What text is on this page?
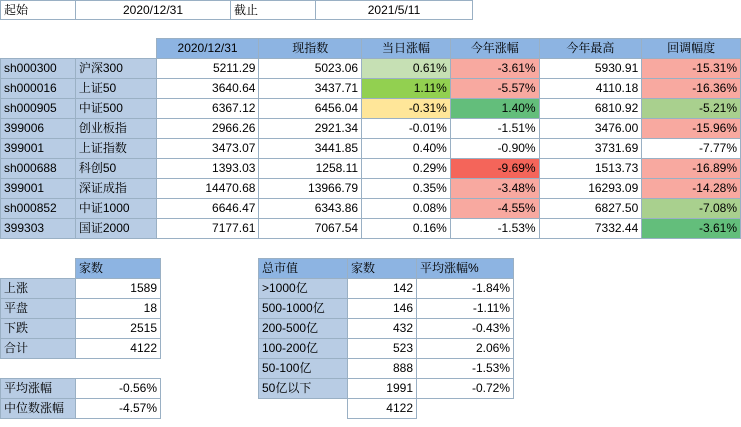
起始	2020/12/31	截止	2021/5/11
		2020/12/31	现指数	当日涨幅	今年涨幅	今年最高	回调幅度
sh000300	沪深300	5211.29	5023.06	0.61%	-3.61%	5930.91	-15.31%
sh000016	上证50	3640.64	3437.71	1.11%	-5.57%	4110.18	-16.36%
sh000905	中证500	6367.12	6456.04	-0.31%	1.40%	6810.92	-5.21%
399006	创业板指	2966.26	2921.34	-0.01%	-1.51%	3476.00	-15.96%
399001	上证指数	3473.07	3441.85	0.40%	-0.90%	3731.69	-7.77%
sh000688	科创50	1393.03	1258.11	0.29%	-9.69%	1513.73	-16.89%
399001	深证成指	14470.68	13966.79	0.35%	-3.48%	16293.09	-14.28%
sh000852	中证1000	6646.47	6343.86	0.08%	-4.55%	6827.50	-7.08%
399303	国证2000	7177.61	7067.54	0.16%	-1.53%	7332.44	-3.61%
	家数
上涨	1589
平盘	18
下跌	2515
合计	4122

平均涨幅	-0.56%
中位数涨幅	-4.57%
总市值	家数	平均涨幅%
>1000亿	142	-1.84%
500-1000亿	146	-1.11%
200-500亿	432	-0.43%
100-200亿	523	2.06%
50-100亿	888	-1.53%
50亿以下	1991	-0.72%
	4122	
